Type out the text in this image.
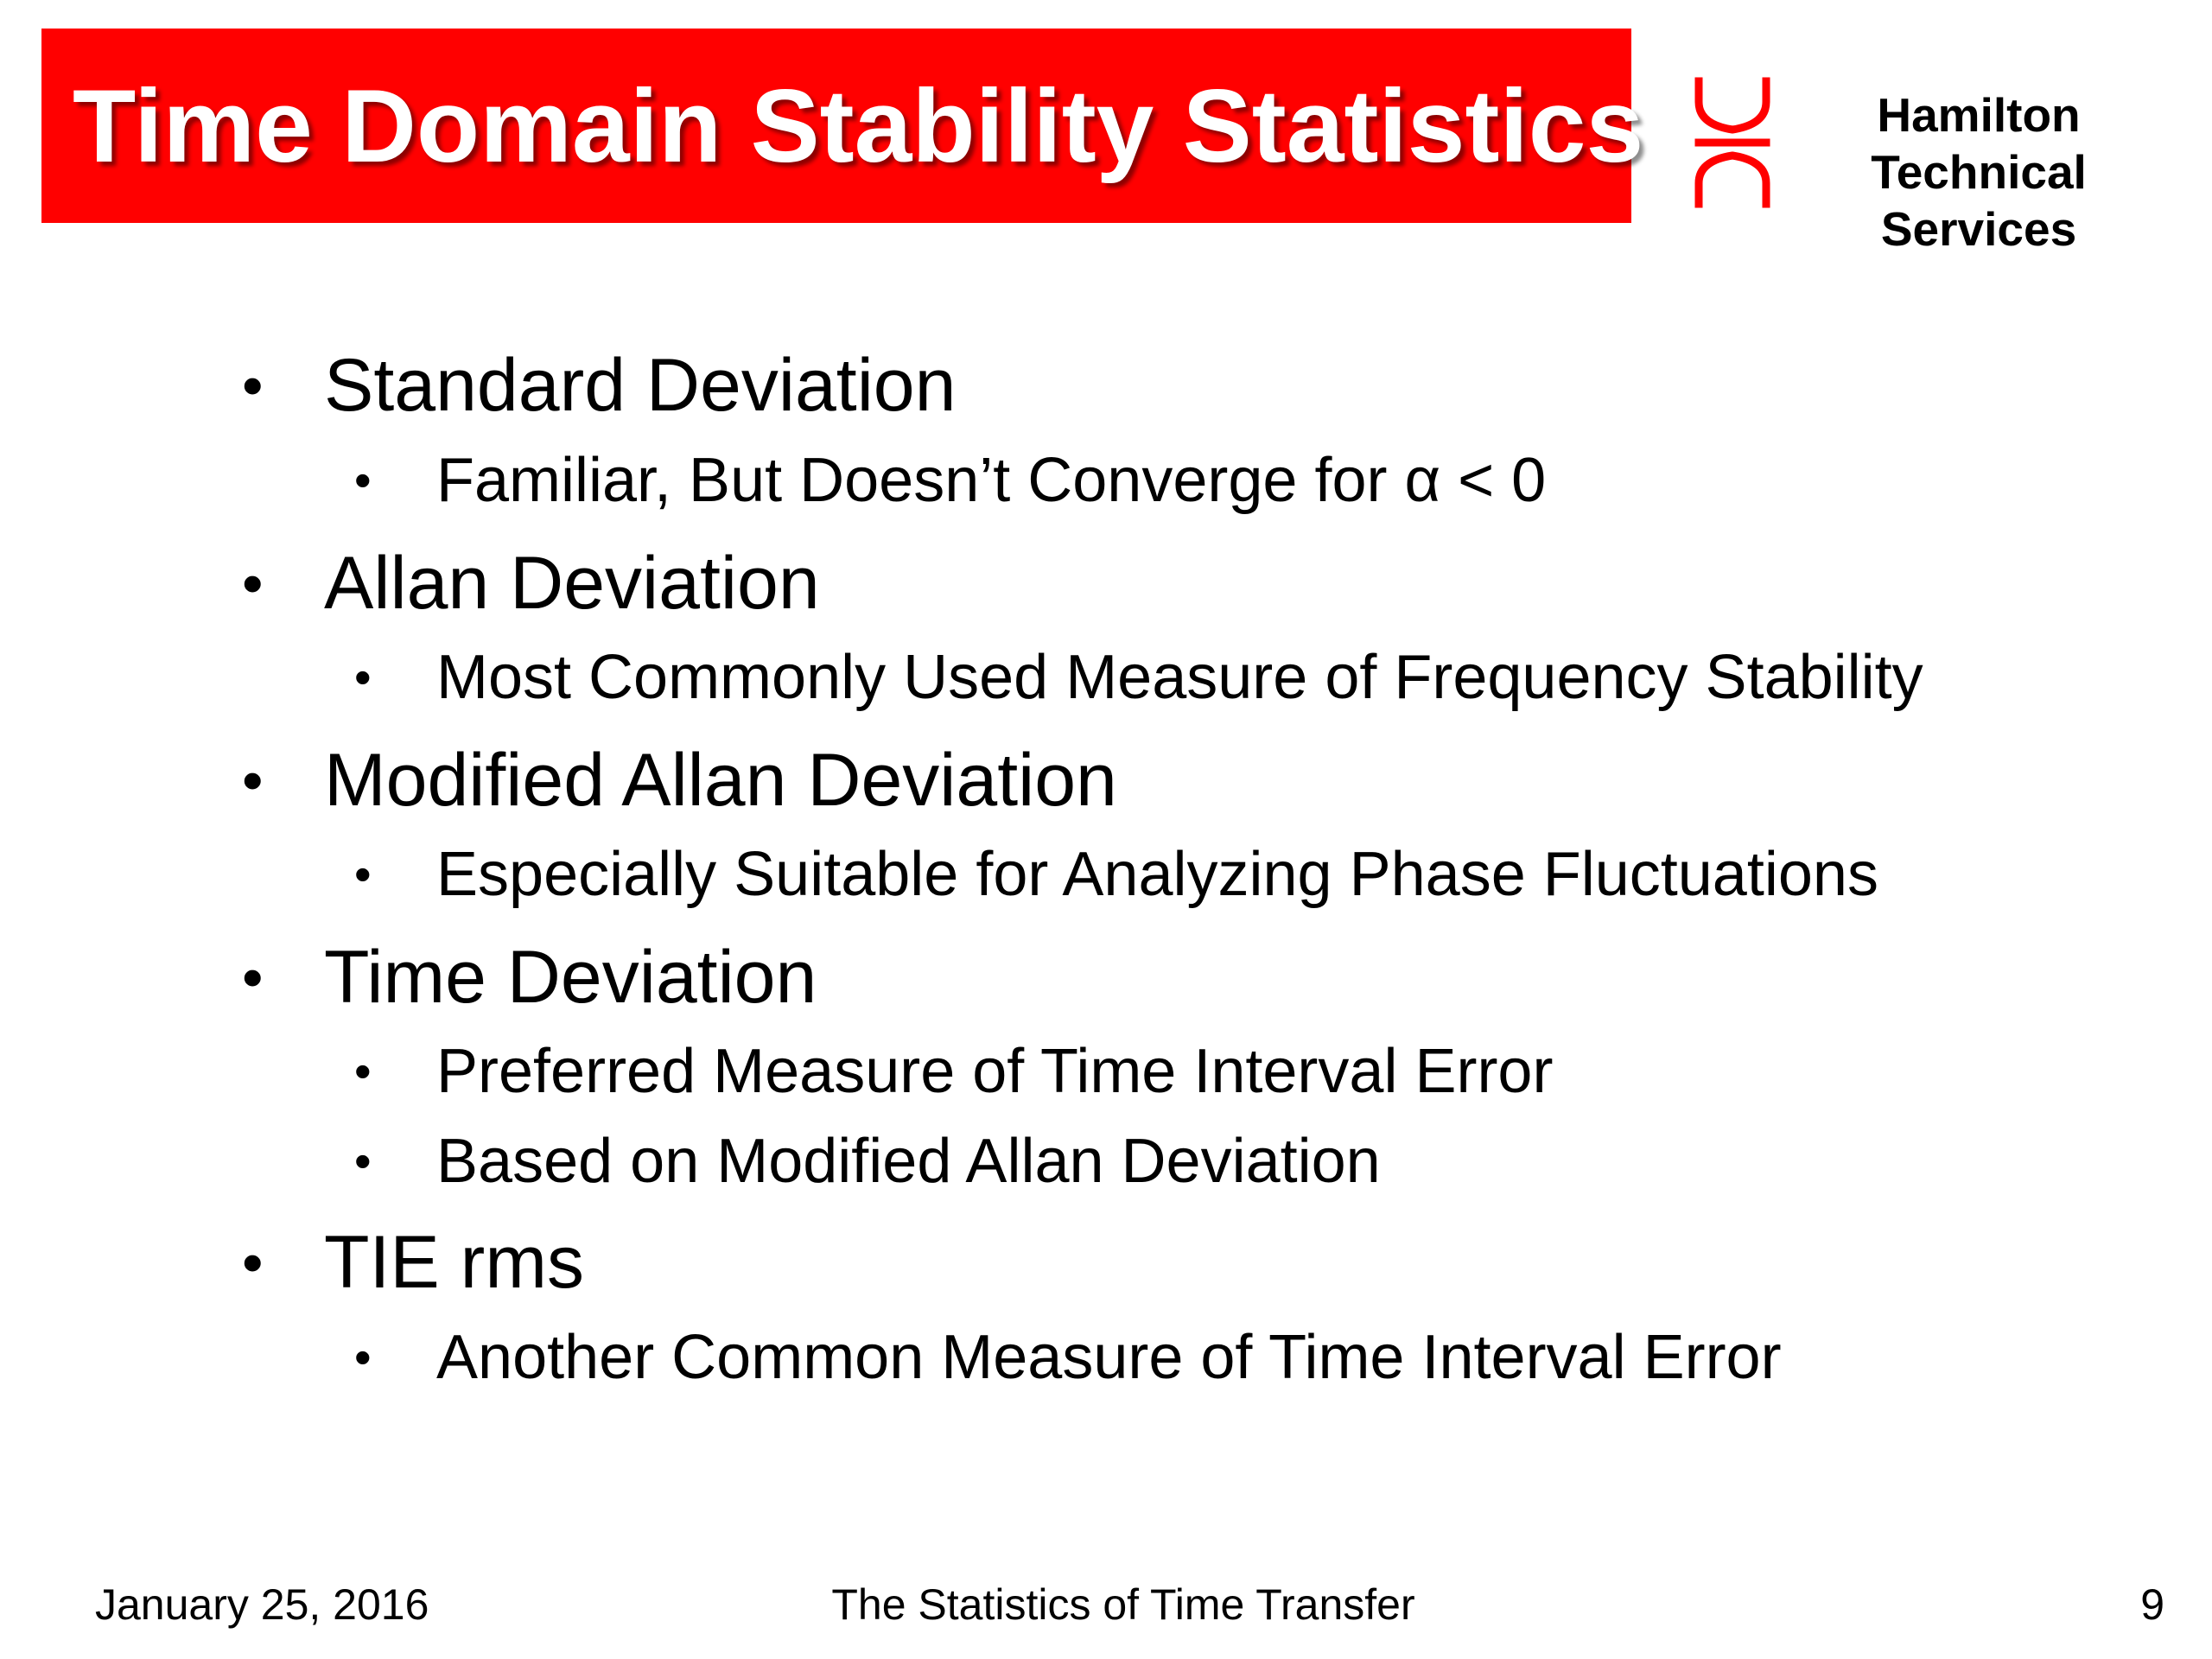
Time Domain Stability Statistics	Hamilton Technical
Services
• Standard Deviation
• Familiar, But Doesn’t Converge for α < 0
• Allan Deviation
• Most Commonly Used Measure of Frequency Stability
• Modified Allan Deviation
• Especially Suitable for Analyzing Phase Fluctuations
• Time Deviation
• Preferred Measure of Time Interval Error
• Based on Modified Allan Deviation
• TIE rms
• Another Common Measure of Time Interval Error
January 25, 2016	The Statistics of Time Transfer	9
